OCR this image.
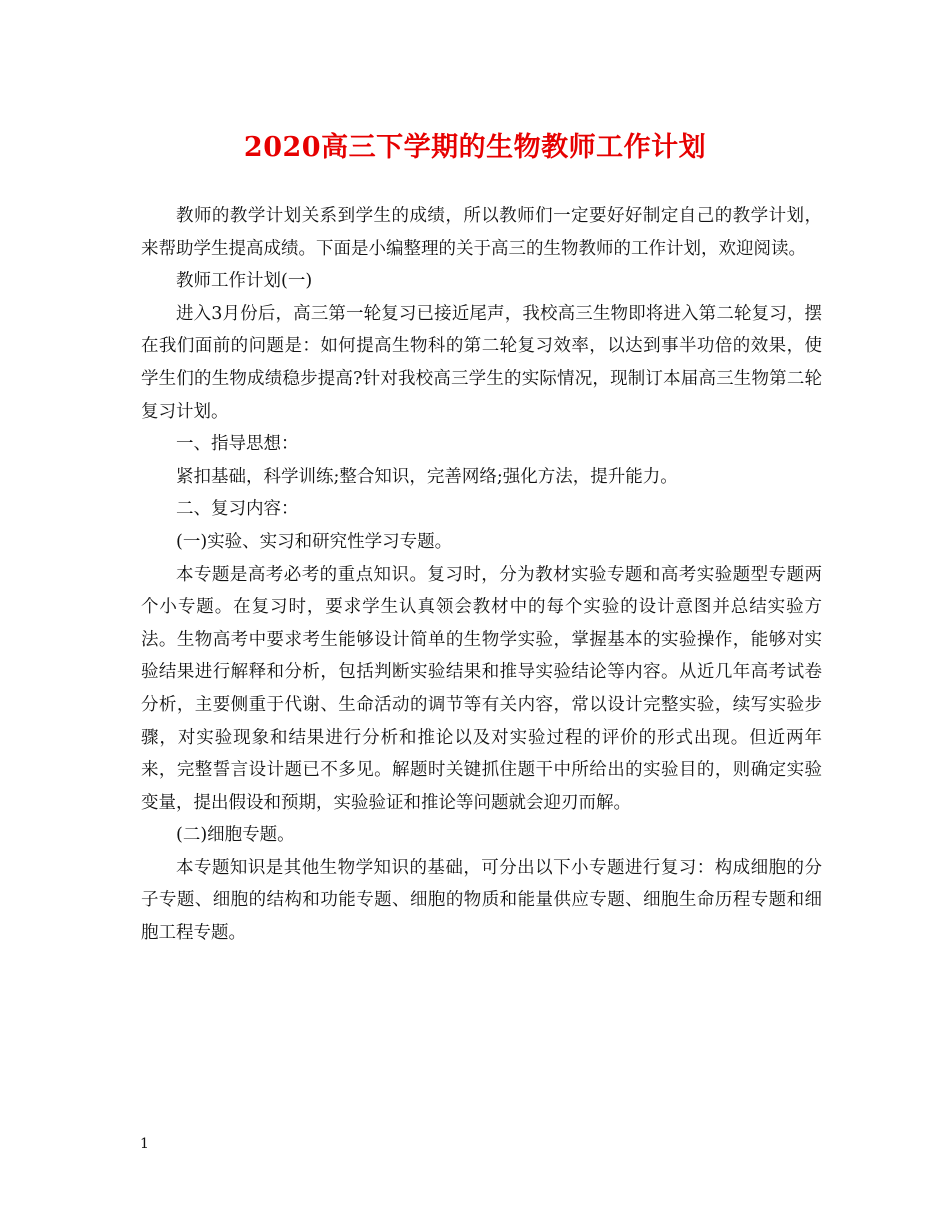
2020高三下学期的生物教师工作计划

教师的教学计划关系到学生的成绩，所以教师们一定要好好制定自己的教学计划，来帮助学生提高成绩。下面是小编整理的关于高三的生物教师的工作计划，欢迎阅读。

教师工作计划(一)

进入3月份后，高三第一轮复习已接近尾声，我校高三生物即将进入第二轮复习，摆在我们面前的问题是：如何提高生物科的第二轮复习效率，以达到事半功倍的效果，使学生们的生物成绩稳步提高?针对我校高三学生的实际情况，现制订本届高三生物第二轮复习计划。

一、指导思想：

紧扣基础，科学训练;整合知识，完善网络;强化方法，提升能力。

二、复习内容：

(一)实验、实习和研究性学习专题。

本专题是高考必考的重点知识。复习时，分为教材实验专题和高考实验题型专题两个小专题。在复习时，要求学生认真领会教材中的每个实验的设计意图并总结实验方法。生物高考中要求考生能够设计简单的生物学实验，掌握基本的实验操作，能够对实验结果进行解释和分析，包括判断实验结果和推导实验结论等内容。从近几年高考试卷分析，主要侧重于代谢、生命活动的调节等有关内容，常以设计完整实验，续写实验步骤，对实验现象和结果进行分析和推论以及对实验过程的评价的形式出现。但近两年来，完整誓言设计题已不多见。解题时关键抓住题干中所给出的实验目的，则确定实验变量，提出假设和预期，实验验证和推论等问题就会迎刃而解。

(二)细胞专题。

本专题知识是其他生物学知识的基础，可分出以下小专题进行复习：构成细胞的分子专题、细胞的结构和功能专题、细胞的物质和能量供应专题、细胞生命历程专题和细胞工程专题。

1
